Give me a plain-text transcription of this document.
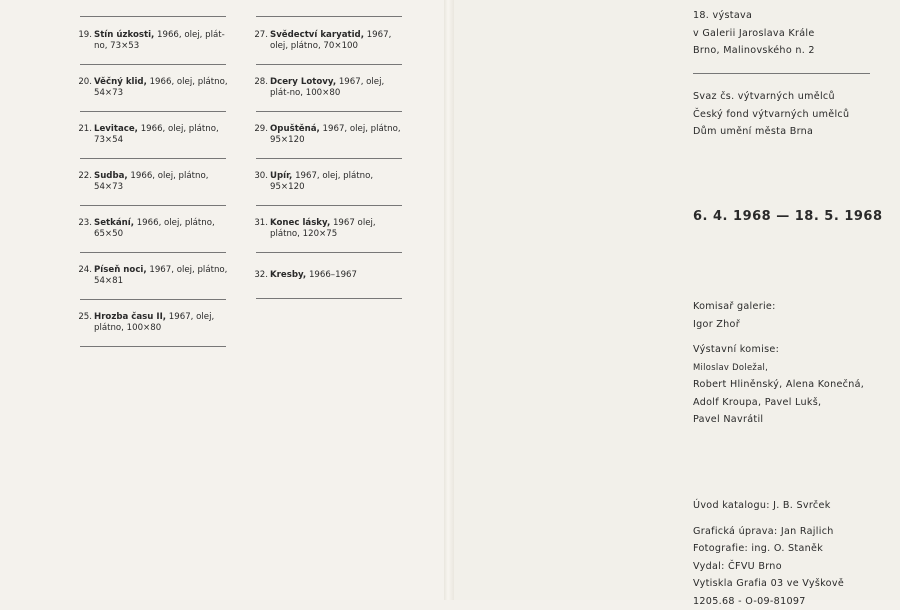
19. Stín úzkosti, 1966, olej, plát-no, 73×53
20. Věčný klid, 1966, olej, plátno, 54×73
21. Levitace, 1966, olej, plátno, 73×54
22. Sudba, 1966, olej, plátno, 54×73
23. Setkání, 1966, olej, plátno, 65×50
24. Píseň noci, 1967, olej, plátno, 54×81
25. Hrozba času II, 1967, olej, plátno, 100×80
27. Svědectví karyatid, 1967, olej, plátno, 70×100
28. Dcery Lotovy, 1967, olej, plát-no, 100×80
29. Opuštěná, 1967, olej, plátno, 95×120
30. Upír, 1967, olej, plátno, 95×120
31. Konec lásky, 1967 olej, plátno, 120×75
32. Kresby, 1966–1967
18. výstava
v Galerii Jaroslava Krále
Brno, Malinovského n. 2
Svaz čs. výtvarných umělců
Český fond výtvarných umělců
Dům umění města Brna
6. 4. 1968 — 18. 5. 1968
Komisař galerie:
Igor Zhoř
Výstavní komise:
Miloslav Doležal,
Robert Hliněnský, Alena Konečná,
Adolf Kroupa, Pavel Lukš,
Pavel Navrátil
Úvod katalogu: J. B. Svrček
Grafická úprava: Jan Rajlich
Fotografie: ing. O. Staněk
Vydal: ČFVU Brno
Vytiskla Grafia 03 ve Vyškově
1205.68 - O-09-81097
